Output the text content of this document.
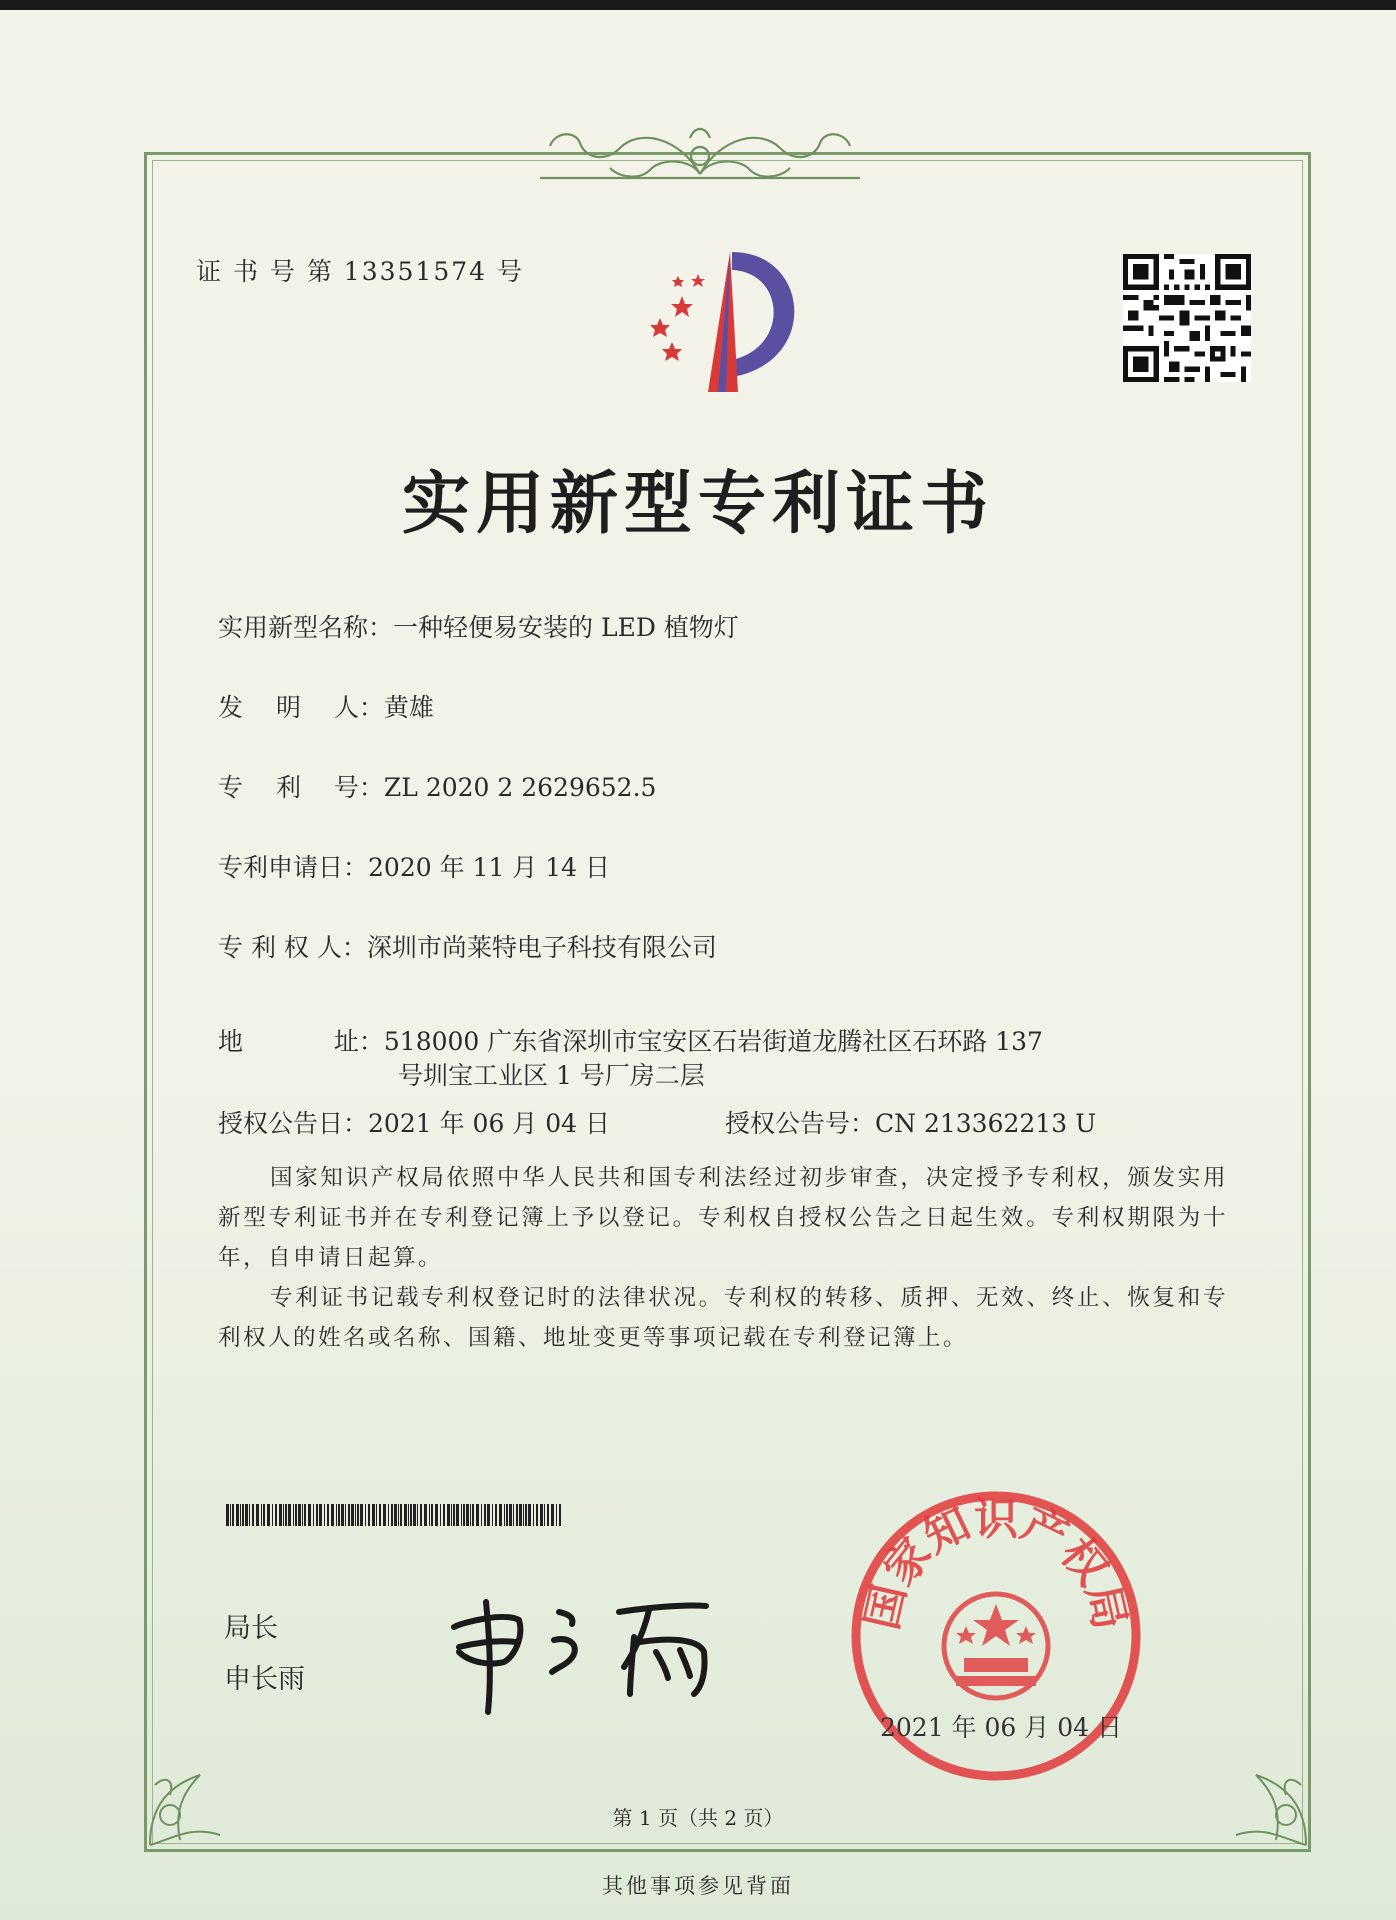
证 书 号 第 13351574 号
实用新型专利证书
实用新型名称：一种轻便易安装的 LED 植物灯
发　 明 　人：黄雄
专　 利 　号：ZL 2020 2 2629652.5
专利申请日：2020 年 11 月 14 日
专 利 权 人：深圳市尚莱特电子科技有限公司
地　 　　 址：518000 广东省深圳市宝安区石岩街道龙腾社区石环路 137
号圳宝工业区 1 号厂房二层
授权公告日：2021 年 06 月 04 日	授权公告号：CN 213362213 U

国家知识产权局依照中华人民共和国专利法经过初步审查，决定授予专利权，颁发实用新型专利证书并在专利登记簿上予以登记。专利权自授权公告之日起生效。专利权期限为十年，自申请日起算。

专利证书记载专利权登记时的法律状况。专利权的转移、质押、无效、终止、恢复和专利权人的姓名或名称、国籍、地址变更等事项记载在专利登记簿上。

局长
申长雨
国家知识产权局
2021 年 06 月 04 日
第 1 页（共 2 页）
其他事项参见背面
